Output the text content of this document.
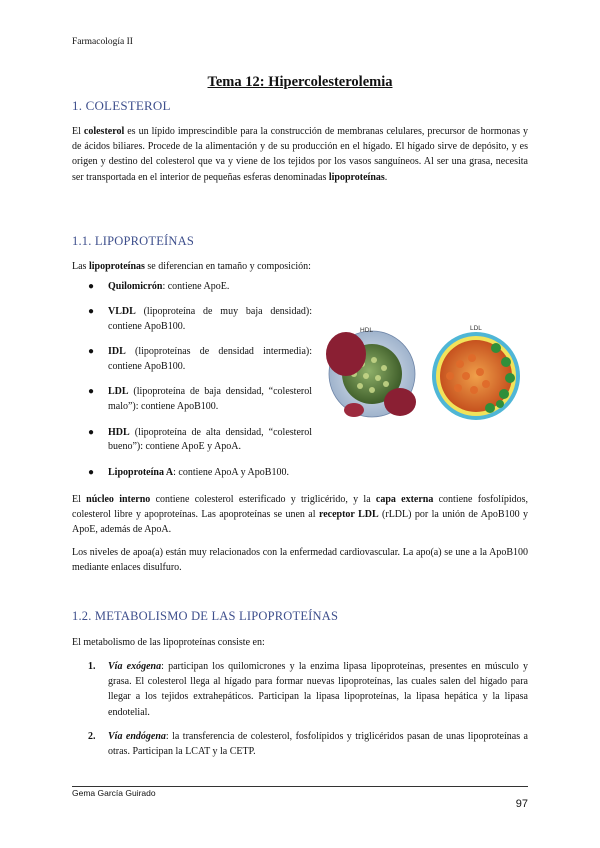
Farmacología II
Tema 12: Hipercolesterolemia
1. COLESTEROL
El colesterol es un lípido imprescindible para la construcción de membranas celulares, precursor de hormonas y de ácidos biliares. Procede de la alimentación y de su producción en el hígado. El hígado sirve de depósito, y es origen y destino del colesterol que va y viene de los tejidos por los vasos sanguíneos. Al ser una grasa, necesita ser transportada en el interior de pequeñas esferas denominadas lipoproteínas.
1.1. LIPOPROTEÍNAS
Las lipoproteínas se diferencian en tamaño y composición:
● Quilomicrón: contiene ApoE.
● VLDL (lipoproteína de muy baja densidad): contiene ApoB100.
● IDL (lipoproteínas de densidad intermedia): contiene ApoB100.
● LDL (lipoproteína de baja densidad, “colesterol malo”): contiene ApoB100.
● HDL (lipoproteína de alta densidad, “colesterol bueno”): contiene ApoE y ApoA.
● Lipoproteína A: contiene ApoA y ApoB100.
HDL	LDL
El núcleo interno contiene colesterol esterificado y triglicérido, y la capa externa contiene fosfolípidos, colesterol libre y apoproteínas. Las apoproteínas se unen al receptor LDL (rLDL) por la unión de ApoB100 y ApoE, además de ApoA.
Los niveles de apoa(a) están muy relacionados con la enfermedad cardiovascular. La apo(a) se une a la ApoB100 mediante enlaces disulfuro.
1.2. METABOLISMO DE LAS LIPOPROTEÍNAS
El metabolismo de las lipoproteínas consiste en:
1. Vía exógena: participan los quilomicrones y la enzima lipasa lipoproteínas, presentes en músculo y grasa. El colesterol llega al hígado para formar nuevas lipoproteínas, las cuales salen del hígado para llegar a los tejidos extrahepáticos. Participan la lipasa lipoproteínas, la lipasa hepática y la lipasa endotelial.
2. Vía endógena: la transferencia de colesterol, fosfolípidos y triglicéridos pasan de unas lipoproteínas a otras. Participan la LCAT y la CETP.
Gema García Guirado
97
